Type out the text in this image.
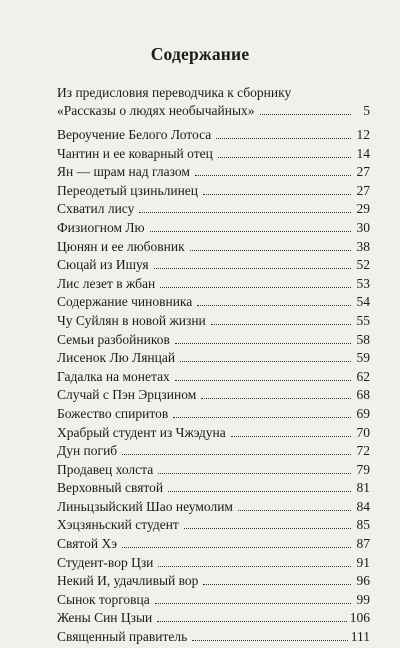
Содержание
Из предисловия переводчика к сборнику
«Рассказы о людях необычайных»	5
Вероучение Белого Лотоса	12
Чантин и ее коварный отец	14
Ян — шрам над глазом	27
Переодетый цзиньлинец	27
Схватил лису	29
Физиогном Лю	30
Цюнян и ее любовник	38
Сюцай из Ишуя	52
Лис лезет в жбан	53
Содержание чиновника	54
Чу Суйлян в новой жизни	55
Семьи разбойников	58
Лисенок Лю Лянцай	59
Гадалка на монетах	62
Случай с Пэн Эрцзином	68
Божество спиритов	69
Храбрый студент из Чжэдуна	70
Дун погиб	72
Продавец холста	79
Верховный святой	81
Линьцзыйский Шао неумолим	84
Хэцзяньский студент	85
Святой Хэ	87
Студент-вор Цзи	91
Некий И, удачливый вор	96
Сынок торговца	99
Жены Син Цзыи	106
Священный правитель	111
